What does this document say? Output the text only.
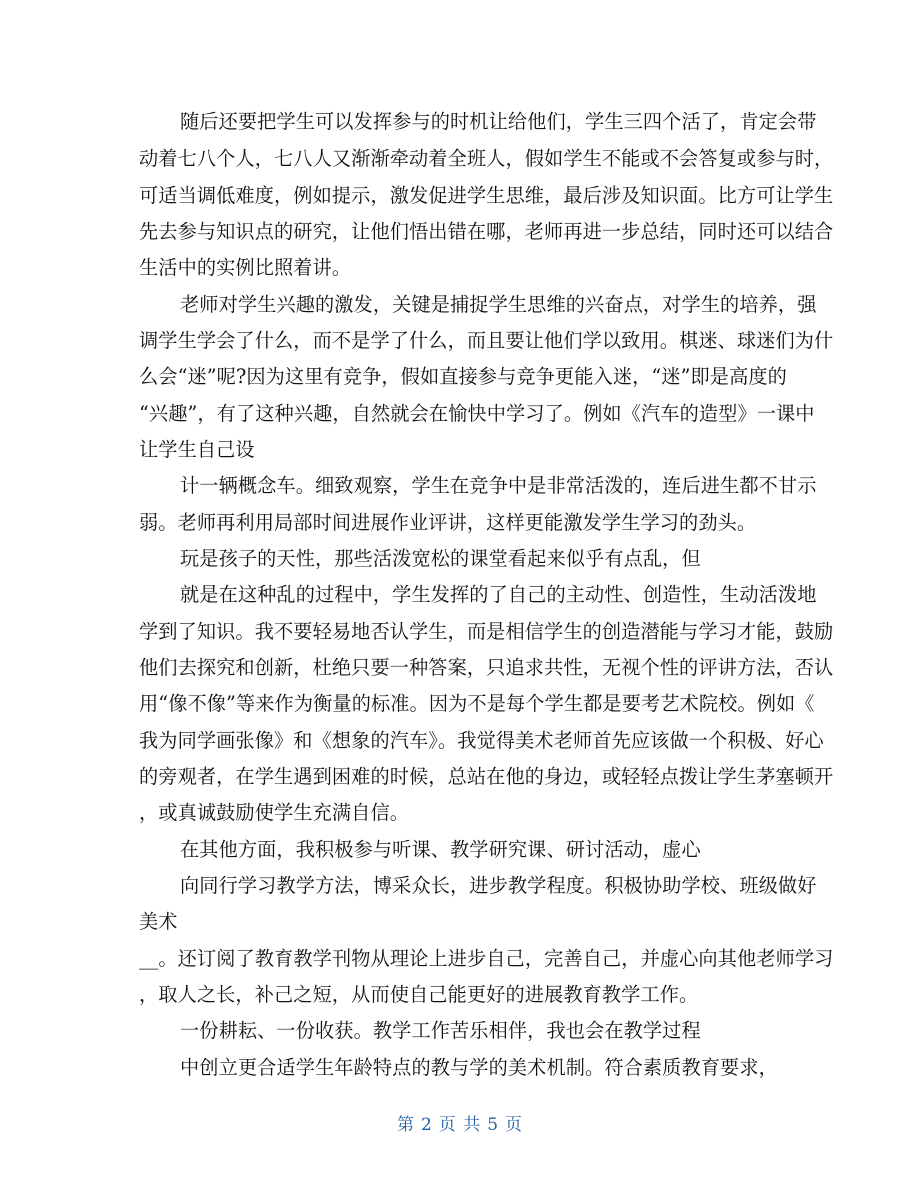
随后还要把学生可以发挥参与的时机让给他们，学生三四个活了，肯定会带
动着七八个人，七八人又渐渐牵动着全班人，假如学生不能或不会答复或参与时，
可适当调低难度，例如提示，激发促进学生思维，最后涉及知识面。比方可让学生
先去参与知识点的研究，让他们悟出错在哪，老师再进一步总结，同时还可以结合
生活中的实例比照着讲。
老师对学生兴趣的激发，关键是捕捉学生思维的兴奋点，对学生的培养，强
调学生学会了什么，而不是学了什么，而且要让他们学以致用。棋迷、球迷们为什
么会“迷”呢?因为这里有竞争，假如直接参与竞争更能入迷，“迷”即是高度的
“兴趣”，有了这种兴趣，自然就会在愉快中学习了。例如《汽车的造型》一课中
让学生自己设
计一辆概念车。细致观察，学生在竞争中是非常活泼的，连后进生都不甘示
弱。老师再利用局部时间进展作业评讲，这样更能激发学生学习的劲头。
玩是孩子的天性，那些活泼宽松的课堂看起来似乎有点乱，但
就是在这种乱的过程中，学生发挥的了自己的主动性、创造性，生动活泼地
学到了知识。我不要轻易地否认学生，而是相信学生的创造潜能与学习才能，鼓励
他们去探究和创新，杜绝只要一种答案，只追求共性，无视个性的评讲方法，否认
用“像不像”等来作为衡量的标准。因为不是每个学生都是要考艺术院校。例如《
我为同学画张像》和《想象的汽车》。我觉得美术老师首先应该做一个积极、好心
的旁观者，在学生遇到困难的时候，总站在他的身边，或轻轻点拨让学生茅塞顿开
，或真诚鼓励使学生充满自信。
在其他方面，我积极参与听课、教学研究课、研讨活动，虚心
向同行学习教学方法，博采众长，进步教学程度。积极协助学校、班级做好
美术
__。还订阅了教育教学刊物从理论上进步自己，完善自己，并虚心向其他老师学习
，取人之长，补己之短，从而使自己能更好的进展教育教学工作。
一份耕耘、一份收获。教学工作苦乐相伴，我也会在教学过程
中创立更合适学生年龄特点的教与学的美术机制。符合素质教育要求，
第 2 页 共 5 页
